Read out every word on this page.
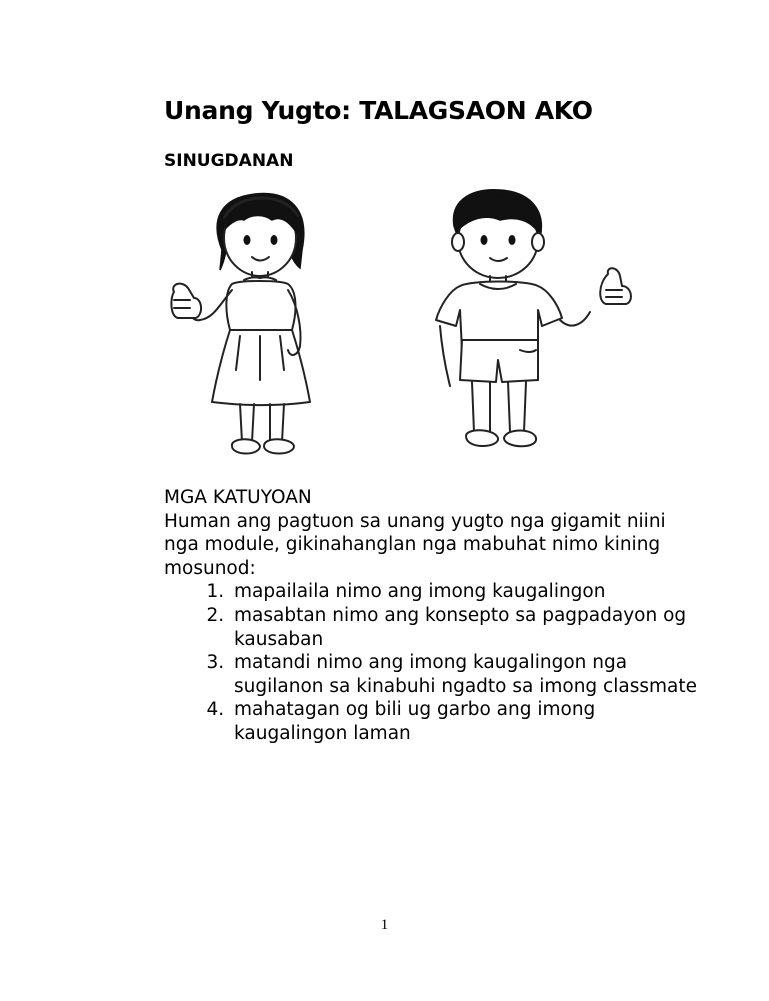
Unang Yugto: TALAGSAON AKO
SINUGDANAN
MGA KATUYOAN
Human ang pagtuon sa unang yugto nga gigamit niini nga module, gikinahanglan nga mabuhat nimo kining mosunod:
1. mapailaila nimo ang imong kaugalingon
2. masabtan nimo ang konsepto sa pagpadayon og kausaban
3. matandi nimo ang imong kaugalingon nga sugilanon sa kinabuhi ngadto sa imong classmate
4. mahatagan og bili ug garbo ang imong kaugalingon laman
1
